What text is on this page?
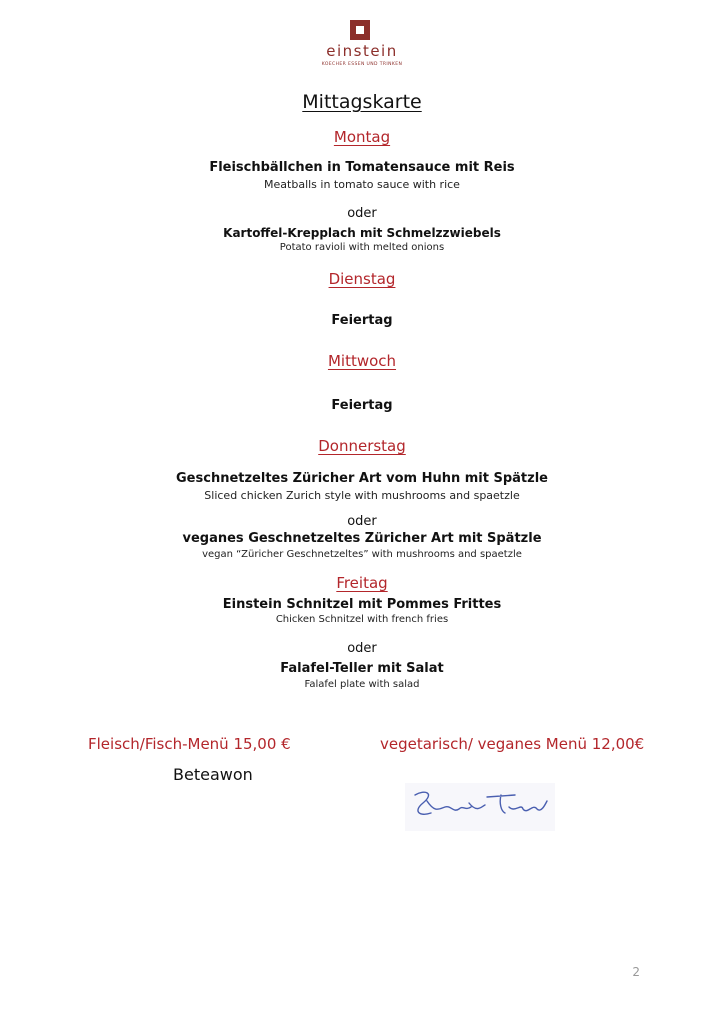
einstein
KOECHER ESSEN UND TRINKEN
Mittagskarte
Montag
Fleischbällchen in Tomatensauce mit Reis
Meatballs in tomato sauce with rice
oder
Kartoffel-Krepplach mit Schmelzzwiebels
Potato ravioli with melted onions
Dienstag
Feiertag
Mittwoch
Feiertag
Donnerstag
Geschnetzeltes Züricher Art vom Huhn mit Spätzle
Sliced chicken Zurich style with mushrooms and spaetzle
oder
veganes Geschnetzeltes Züricher Art mit Spätzle
vegan “Züricher Geschnetzeltes” with mushrooms and spaetzle
Freitag
Einstein Schnitzel mit Pommes Frittes
Chicken Schnitzel with french fries
oder
Falafel-Teller mit Salat
Falafel plate with salad
Fleisch/Fisch-Menü 15,00 €	vegetarisch/ veganes Menü 12,00€
Beteawon
2
